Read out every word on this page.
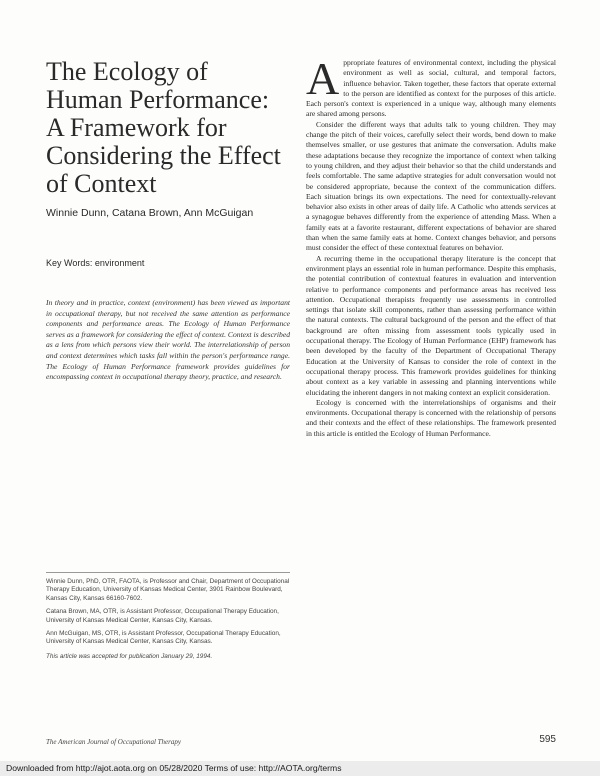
The Ecology of Human Performance: A Framework for Considering the Effect of Context
Winnie Dunn, Catana Brown, Ann McGuigan
Key Words: environment
In theory and in practice, context (environment) has been viewed as important in occupational therapy, but not received the same attention as performance components and performance areas. The Ecology of Human Performance serves as a framework for considering the effect of context. Context is described as a lens from which persons view their world. The interrelationship of person and context determines which tasks fall within the person's performance range. The Ecology of Human Performance framework provides guidelines for encompassing context in occupational therapy theory, practice, and research.

Winnie Dunn, PhD, OTR, FAOTA, is Professor and Chair, Department of Occupational Therapy Education, University of Kansas Medical Center, 3901 Rainbow Boulevard, Kansas City, Kansas 66160-7602.

Catana Brown, MA, OTR, is Assistant Professor, Occupational Therapy Education, University of Kansas Medical Center, Kansas City, Kansas.

Ann McGuigan, MS, OTR, is Assistant Professor, Occupational Therapy Education, University of Kansas Medical Center, Kansas City, Kansas.

This article was accepted for publication January 29, 1994.

Appropriate features of environmental context, including the physical environment as well as social, cultural, and temporal factors, influence behavior. Taken together, these factors that operate external to the person are identified as context for the purposes of this article. Each person's context is experienced in a unique way, although many elements are shared among persons.

Consider the different ways that adults talk to young children. They may change the pitch of their voices, carefully select their words, bend down to make themselves smaller, or use gestures that animate the conversation. Adults make these adaptations because they recognize the importance of context when talking to young children, and they adjust their behavior so that the child understands and feels comfortable. The same adaptive strategies for adult conversation would not be considered appropriate, because the context of the communication differs. Each situation brings its own expectations. The need for contextually-relevant behavior also exists in other areas of daily life. A Catholic who attends services at a synagogue behaves differently from the experience of attending Mass. When a family eats at a favorite restaurant, different expectations of behavior are shared than when the same family eats at home. Context changes behavior, and persons must consider the effect of these contextual features on behavior.

A recurring theme in the occupational therapy literature is the concept that environment plays an essential role in human performance. Despite this emphasis, the potential contribution of contextual features in evaluation and intervention relative to performance components and performance areas has received less attention. Occupational therapists frequently use assessments in controlled settings that isolate skill components, rather than assessing performance within the natural contexts. The cultural background of the person and the effect of that background are often missing from assessment tools typically used in occupational therapy. The Ecology of Human Performance (EHP) framework has been developed by the faculty of the Department of Occupational Therapy Education at the University of Kansas to consider the role of context in the occupational therapy process. This framework provides guidelines for thinking about context as a key variable in assessing and planning interventions while elucidating the inherent dangers in not making context an explicit consideration.

Ecology is concerned with the interrelationships of organisms and their environments. Occupational therapy is concerned with the relationship of persons and their contexts and the effect of these relationships. The framework presented in this article is entitled the Ecology of Human Performance.

The American Journal of Occupational Therapy	595
Downloaded from http://ajot.aota.org on 05/28/2020 Terms of use: http://AOTA.org/terms
